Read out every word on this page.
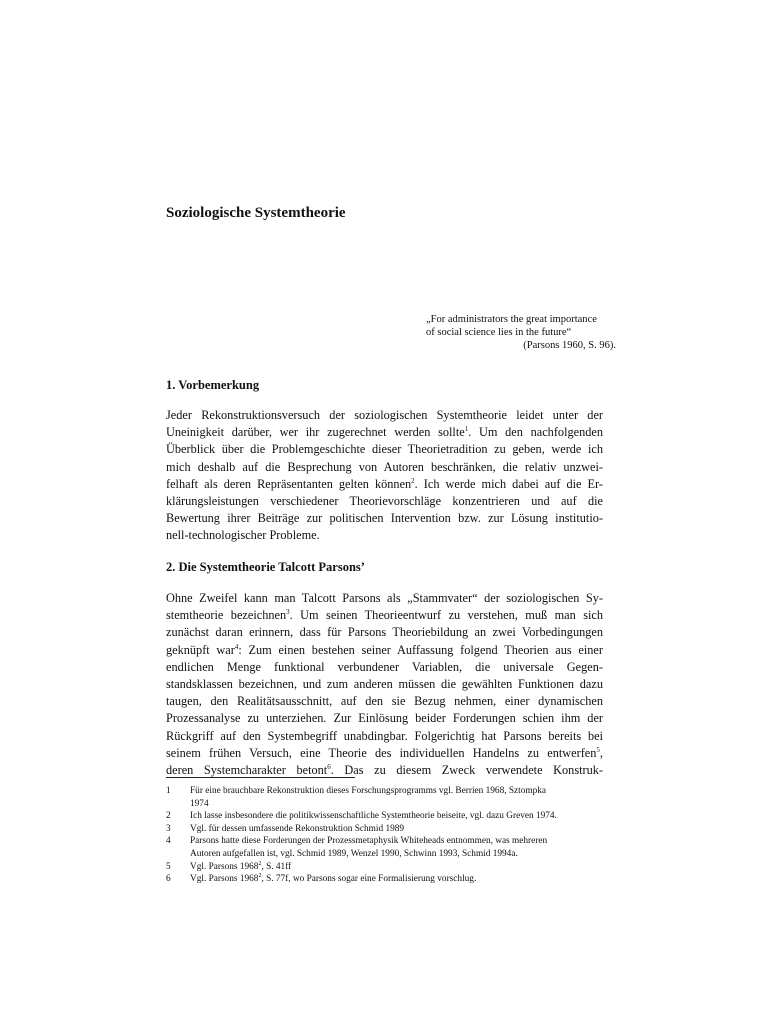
Soziologische Systemtheorie
„For administrators the great importance
of social science lies in the future“
(Parsons 1960, S. 96).
1. Vorbemerkung
Jeder Rekonstruktionsversuch der soziologischen Systemtheorie leidet unter der
Uneinigkeit darüber, wer ihr zugerechnet werden sollte$^1$. Um den nachfolgenden
Überblick über die Problemgeschichte dieser Theorietradition zu geben, werde ich
mich deshalb auf die Besprechung von Autoren beschränken, die relativ unzwei-
felhaft als deren Repräsentanten gelten können$^2$. Ich werde mich dabei auf die Er-
klärungsleistungen verschiedener Theorievorschläge konzentrieren und auf die
Bewertung ihrer Beiträge zur politischen Intervention bzw. zur Lösung institutio-
nell-technologischer Probleme.
2. Die Systemtheorie Talcott Parsons’
Ohne Zweifel kann man Talcott Parsons als „Stammvater“ der soziologischen Sy-
stemtheorie bezeichnen$^3$. Um seinen Theorieentwurf zu verstehen, muß man sich
zunächst daran erinnern, dass für Parsons Theoriebildung an zwei Vorbedingungen
geknüpft war$^4$: Zum einen bestehen seiner Auffassung folgend Theorien aus einer
endlichen Menge funktional verbundener Variablen, die universale Gegen-
standsklassen bezeichnen, und zum anderen müssen die gewählten Funktionen dazu
taugen, den Realitätsausschnitt, auf den sie Bezug nehmen, einer dynamischen
Prozessanalyse zu unterziehen. Zur Einlösung beider Forderungen schien ihm der
Rückgriff auf den Systembegriff unabdingbar. Folgerichtig hat Parsons bereits bei
seinem frühen Versuch, eine Theorie des individuellen Handelns zu entwerfen$^5$,
deren Systemcharakter betont$^6$. Das zu diesem Zweck verwendete Konstruk-
1	Für eine brauchbare Rekonstruktion dieses Forschungsprogramms vgl. Berrien 1968, Sztompka
1974
2	Ich lasse insbesondere die politikwissenschaftliche Systemtheorie beiseite, vgl. dazu Greven 1974.
3	Vgl. für dessen umfassende Rekonstruktion Schmid 1989
4	Parsons hatte diese Forderungen der Prozessmetaphysik Whiteheads entnommen, was mehreren
Autoren aufgefallen ist, vgl. Schmid 1989, Wenzel 1990, Schwinn 1993, Schmid 1994a.
5	Vgl. Parsons 1968$^2$, S. 41ff
6	Vgl. Parsons 1968$^2$, S. 77f, wo Parsons sogar eine Formalisierung vorschlug.
